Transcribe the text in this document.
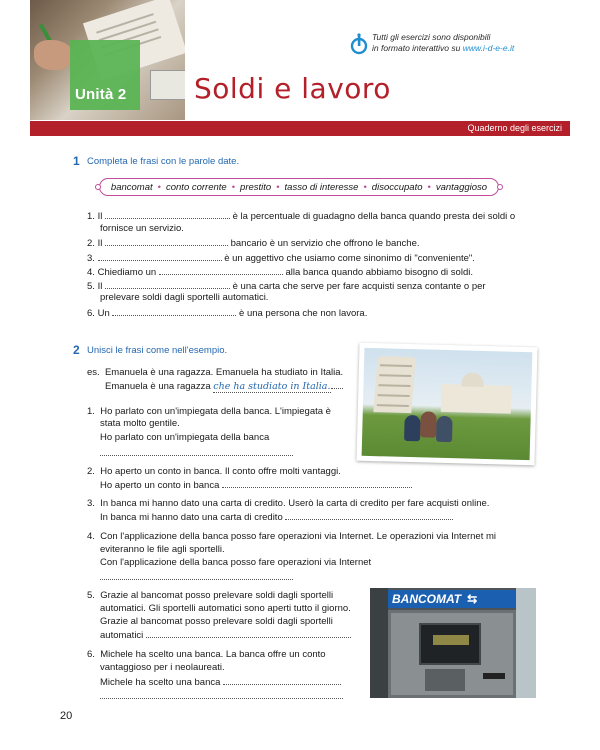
Unità 2 Soldi e lavoro
Tutti gli esercizi sono disponibili
in formato interattivo su www.i-d-e-e.it
Quaderno degli esercizi
1 Completa le frasi con le parole date.
bancomat • conto corrente • prestito • tasso di interesse • disoccupato • vantaggioso
1. Il	è la percentuale di guadagno della banca quando presta dei soldi o
fornisce un servizio.
2. Il	bancario è un servizio che offrono le banche.
3.	è un aggettivo che usiamo come sinonimo di "conveniente".
4. Chiediamo un	alla banca quando abbiamo bisogno di soldi.
5. Il	è una carta che serve per fare acquisti senza contante o per
prelevare soldi dagli sportelli automatici.
6. Un	è una persona che non lavora.
2 Unisci le frasi come nell'esempio.
es. Emanuela è una ragazza. Emanuela ha studiato in Italia.
Emanuela è una ragazza che ha studiato in Italia.
1. Ho parlato con un'impiegata della banca. L'impiegata è
stata molto gentile.
Ho parlato con un'impiegata della banca
2. Ho aperto un conto in banca. Il conto offre molti vantaggi.
Ho aperto un conto in banca
3. In banca mi hanno dato una carta di credito. Userò la carta di credito per fare acquisti online.
In banca mi hanno dato una carta di credito
4. Con l'applicazione della banca posso fare operazioni via Internet. Le operazioni via Internet mi
eviteranno le file agli sportelli.
Con l'applicazione della banca posso fare operazioni via Internet
5. Grazie al bancomat posso prelevare soldi dagli sportelli
automatici. Gli sportelli automatici sono aperti tutto il giorno.
Grazie al bancomat posso prelevare soldi dagli sportelli
automatici
6. Michele ha scelto una banca. La banca offre un conto
vantaggioso per i neolaureati.
Michele ha scelto una banca
BANCOMAT ⇆
20
